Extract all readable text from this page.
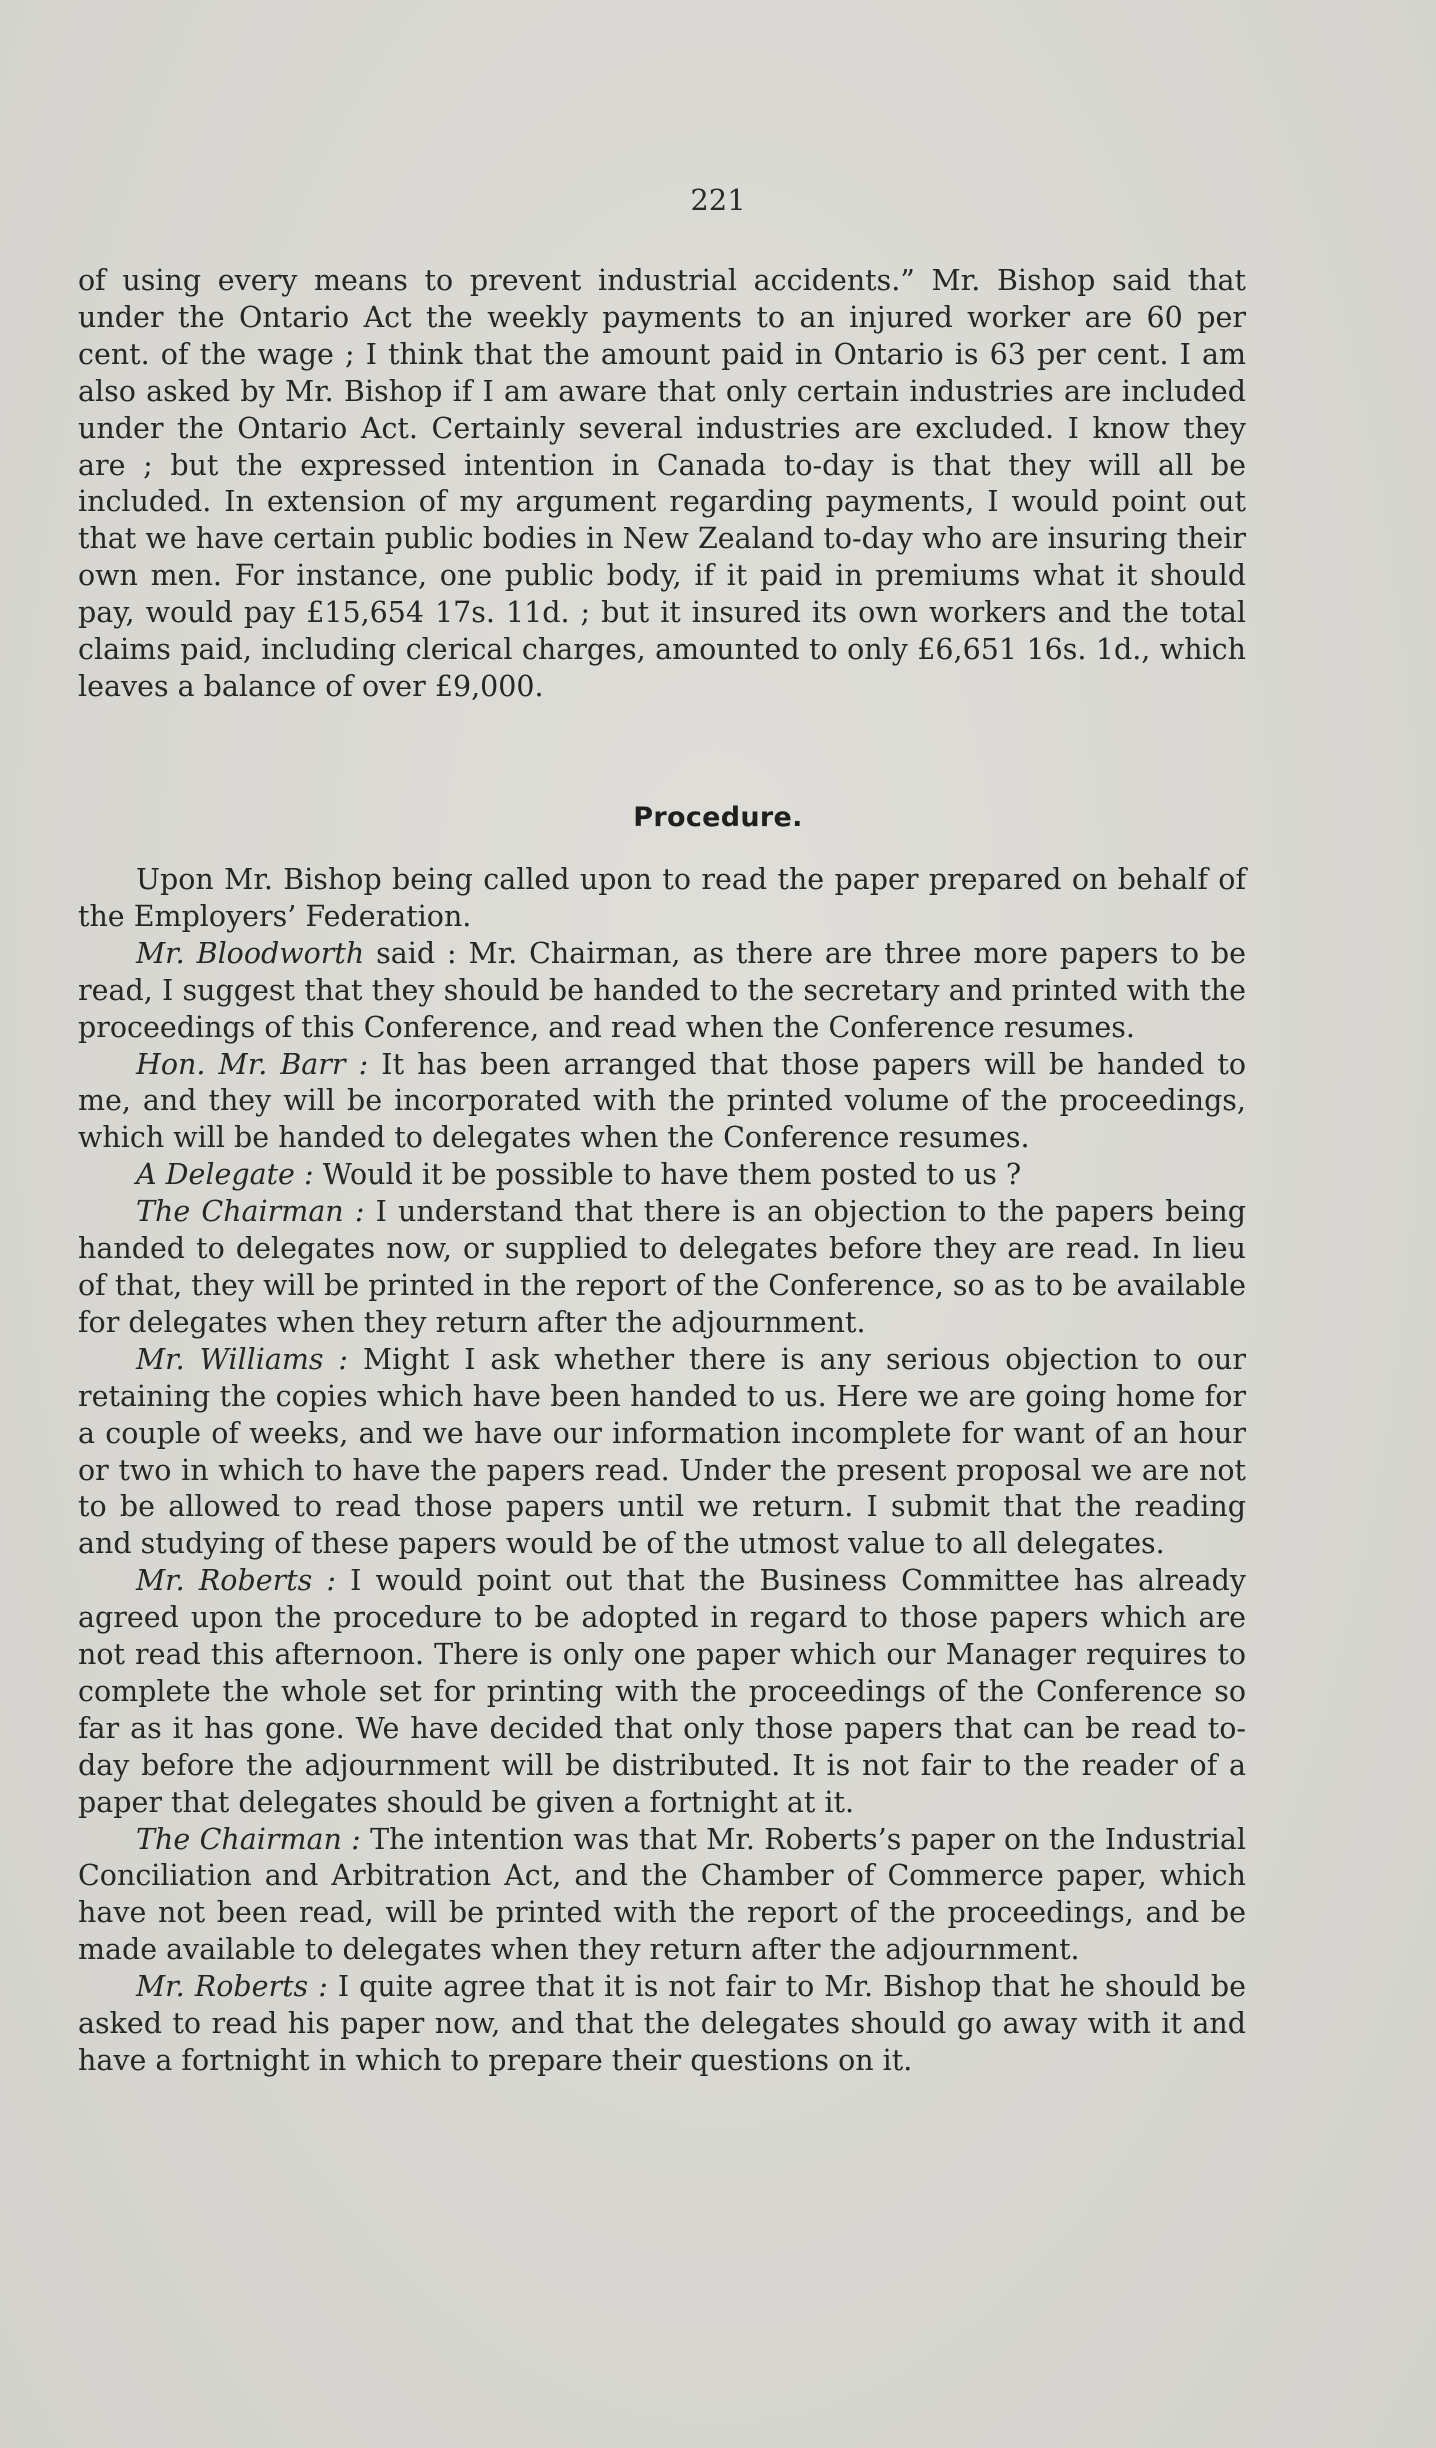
221

of using every means to prevent industrial accidents.” Mr. Bishop said that under the Ontario Act the weekly payments to an injured worker are 60 per cent. of the wage ; I think that the amount paid in Ontario is 63 per cent. I am also asked by Mr. Bishop if I am aware that only certain industries are included under the Ontario Act. Certainly several industries are excluded. I know they are ; but the expressed intention in Canada to-day is that they will all be included. In extension of my argument regarding payments, I would point out that we have certain public bodies in New Zealand to-day who are insuring their own men. For instance, one public body, if it paid in premiums what it should pay, would pay £15,654 17s. 11d. ; but it insured its own workers and the total claims paid, including clerical charges, amounted to only £6,651 16s. 1d., which leaves a balance of over £9,000.

Procedure.

Upon Mr. Bishop being called upon to read the paper prepared on behalf of the Employers’ Federation.

Mr. Bloodworth said : Mr. Chairman, as there are three more papers to be read, I suggest that they should be handed to the secretary and printed with the proceedings of this Conference, and read when the Conference resumes.

Hon. Mr. Barr : It has been arranged that those papers will be handed to me, and they will be incorporated with the printed volume of the proceedings, which will be handed to delegates when the Conference resumes.

A Delegate : Would it be possible to have them posted to us ?

The Chairman : I understand that there is an objection to the papers being handed to delegates now, or supplied to delegates before they are read. In lieu of that, they will be printed in the report of the Conference, so as to be available for delegates when they return after the adjournment.

Mr. Williams : Might I ask whether there is any serious objection to our retaining the copies which have been handed to us. Here we are going home for a couple of weeks, and we have our information incomplete for want of an hour or two in which to have the papers read. Under the present proposal we are not to be allowed to read those papers until we return. I submit that the reading and studying of these papers would be of the utmost value to all delegates.

Mr. Roberts : I would point out that the Business Committee has already agreed upon the procedure to be adopted in regard to those papers which are not read this afternoon. There is only one paper which our Manager requires to complete the whole set for printing with the proceedings of the Conference so far as it has gone. We have decided that only those papers that can be read to-day before the adjournment will be distributed. It is not fair to the reader of a paper that delegates should be given a fortnight at it.

The Chairman : The intention was that Mr. Roberts’s paper on the Industrial Conciliation and Arbitration Act, and the Chamber of Commerce paper, which have not been read, will be printed with the report of the proceedings, and be made available to delegates when they return after the adjournment.

Mr. Roberts : I quite agree that it is not fair to Mr. Bishop that he should be asked to read his paper now, and that the delegates should go away with it and have a fortnight in which to prepare their questions on it.
